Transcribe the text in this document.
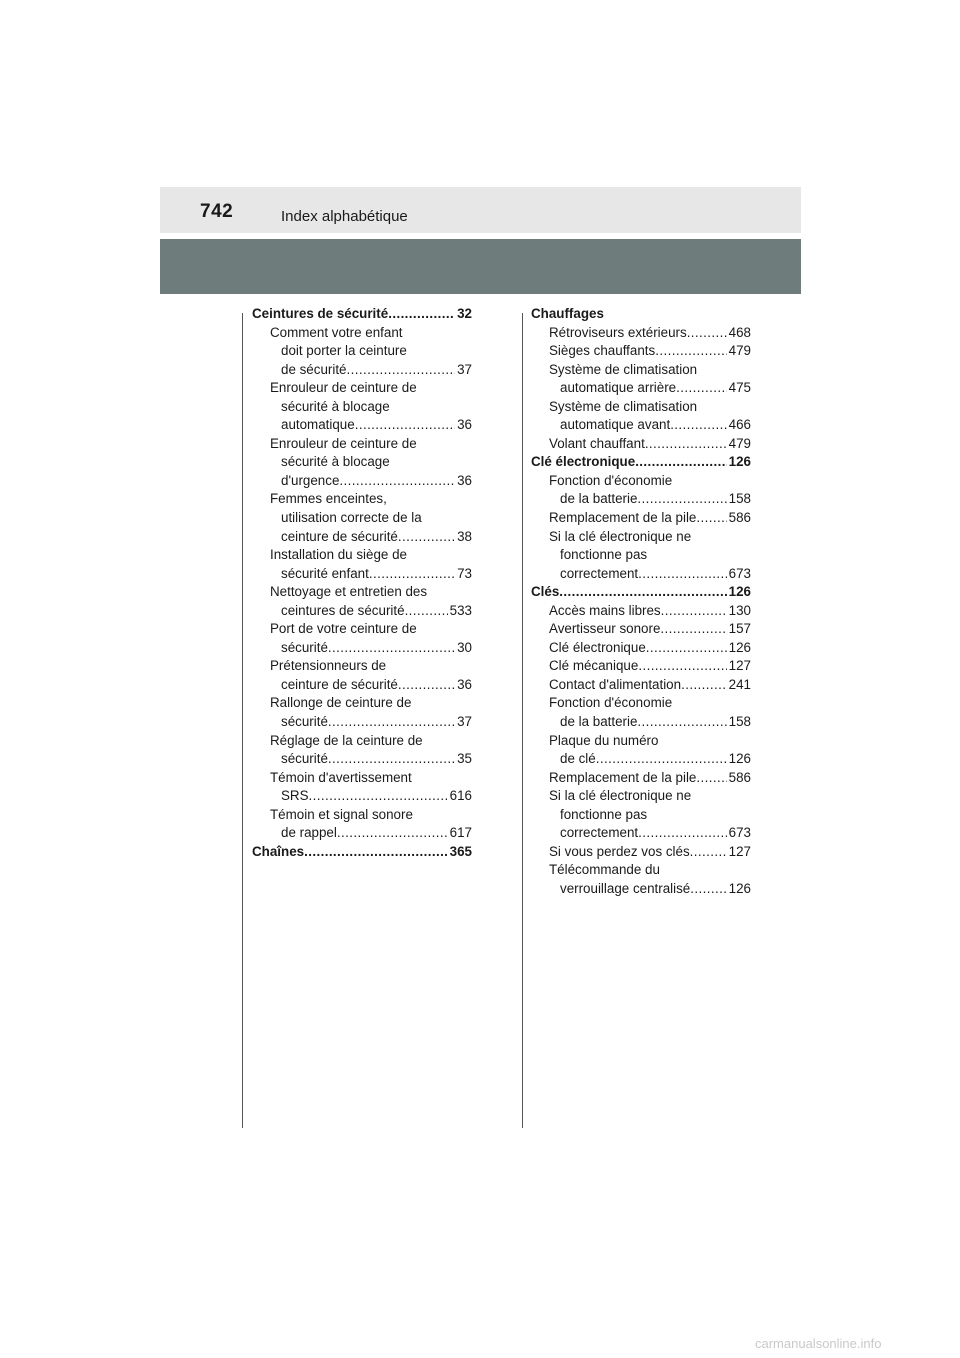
742	Index alphabétique
Ceintures de sécurité .....	32
Comment votre enfant
doit porter la ceinture
de sécurité .....	37
Enrouleur de ceinture de
sécurité à blocage
automatique .....	36
Enrouleur de ceinture de
sécurité à blocage
d'urgence .....	36
Femmes enceintes,
utilisation correcte de la
ceinture de sécurité .....	38
Installation du siège de
sécurité enfant .....	73
Nettoyage et entretien des
ceintures de sécurité .....	533
Port de votre ceinture de
sécurité .....	30
Prétensionneurs de
ceinture de sécurité .....	36
Rallonge de ceinture de
sécurité .....	37
Réglage de la ceinture de
sécurité .....	35
Témoin d'avertissement
SRS .....	616
Témoin et signal sonore
de rappel .....	617
Chaînes .....	365
Chauffages
Rétroviseurs extérieurs .....	468
Sièges chauffants .....	479
Système de climatisation
automatique arrière .....	475
Système de climatisation
automatique avant .....	466
Volant chauffant .....	479
Clé électronique .....	126
Fonction d'économie
de la batterie .....	158
Remplacement de la pile ..... 586
Si la clé électronique ne
fonctionne pas
correctement .....	673
Clés .....	126
Accès mains libres .....	130
Avertisseur sonore .....	157
Clé électronique .....	126
Clé mécanique .....	127
Contact d'alimentation .....	241
Fonction d'économie
de la batterie .....	158
Plaque du numéro
de clé .....	126
Remplacement de la pile ..... 586
Si la clé électronique ne
fonctionne pas
correctement .....	673
Si vous perdez vos clés .....	127
Télécommande du
verrouillage centralisé .....	126
carmanualsonline.info
